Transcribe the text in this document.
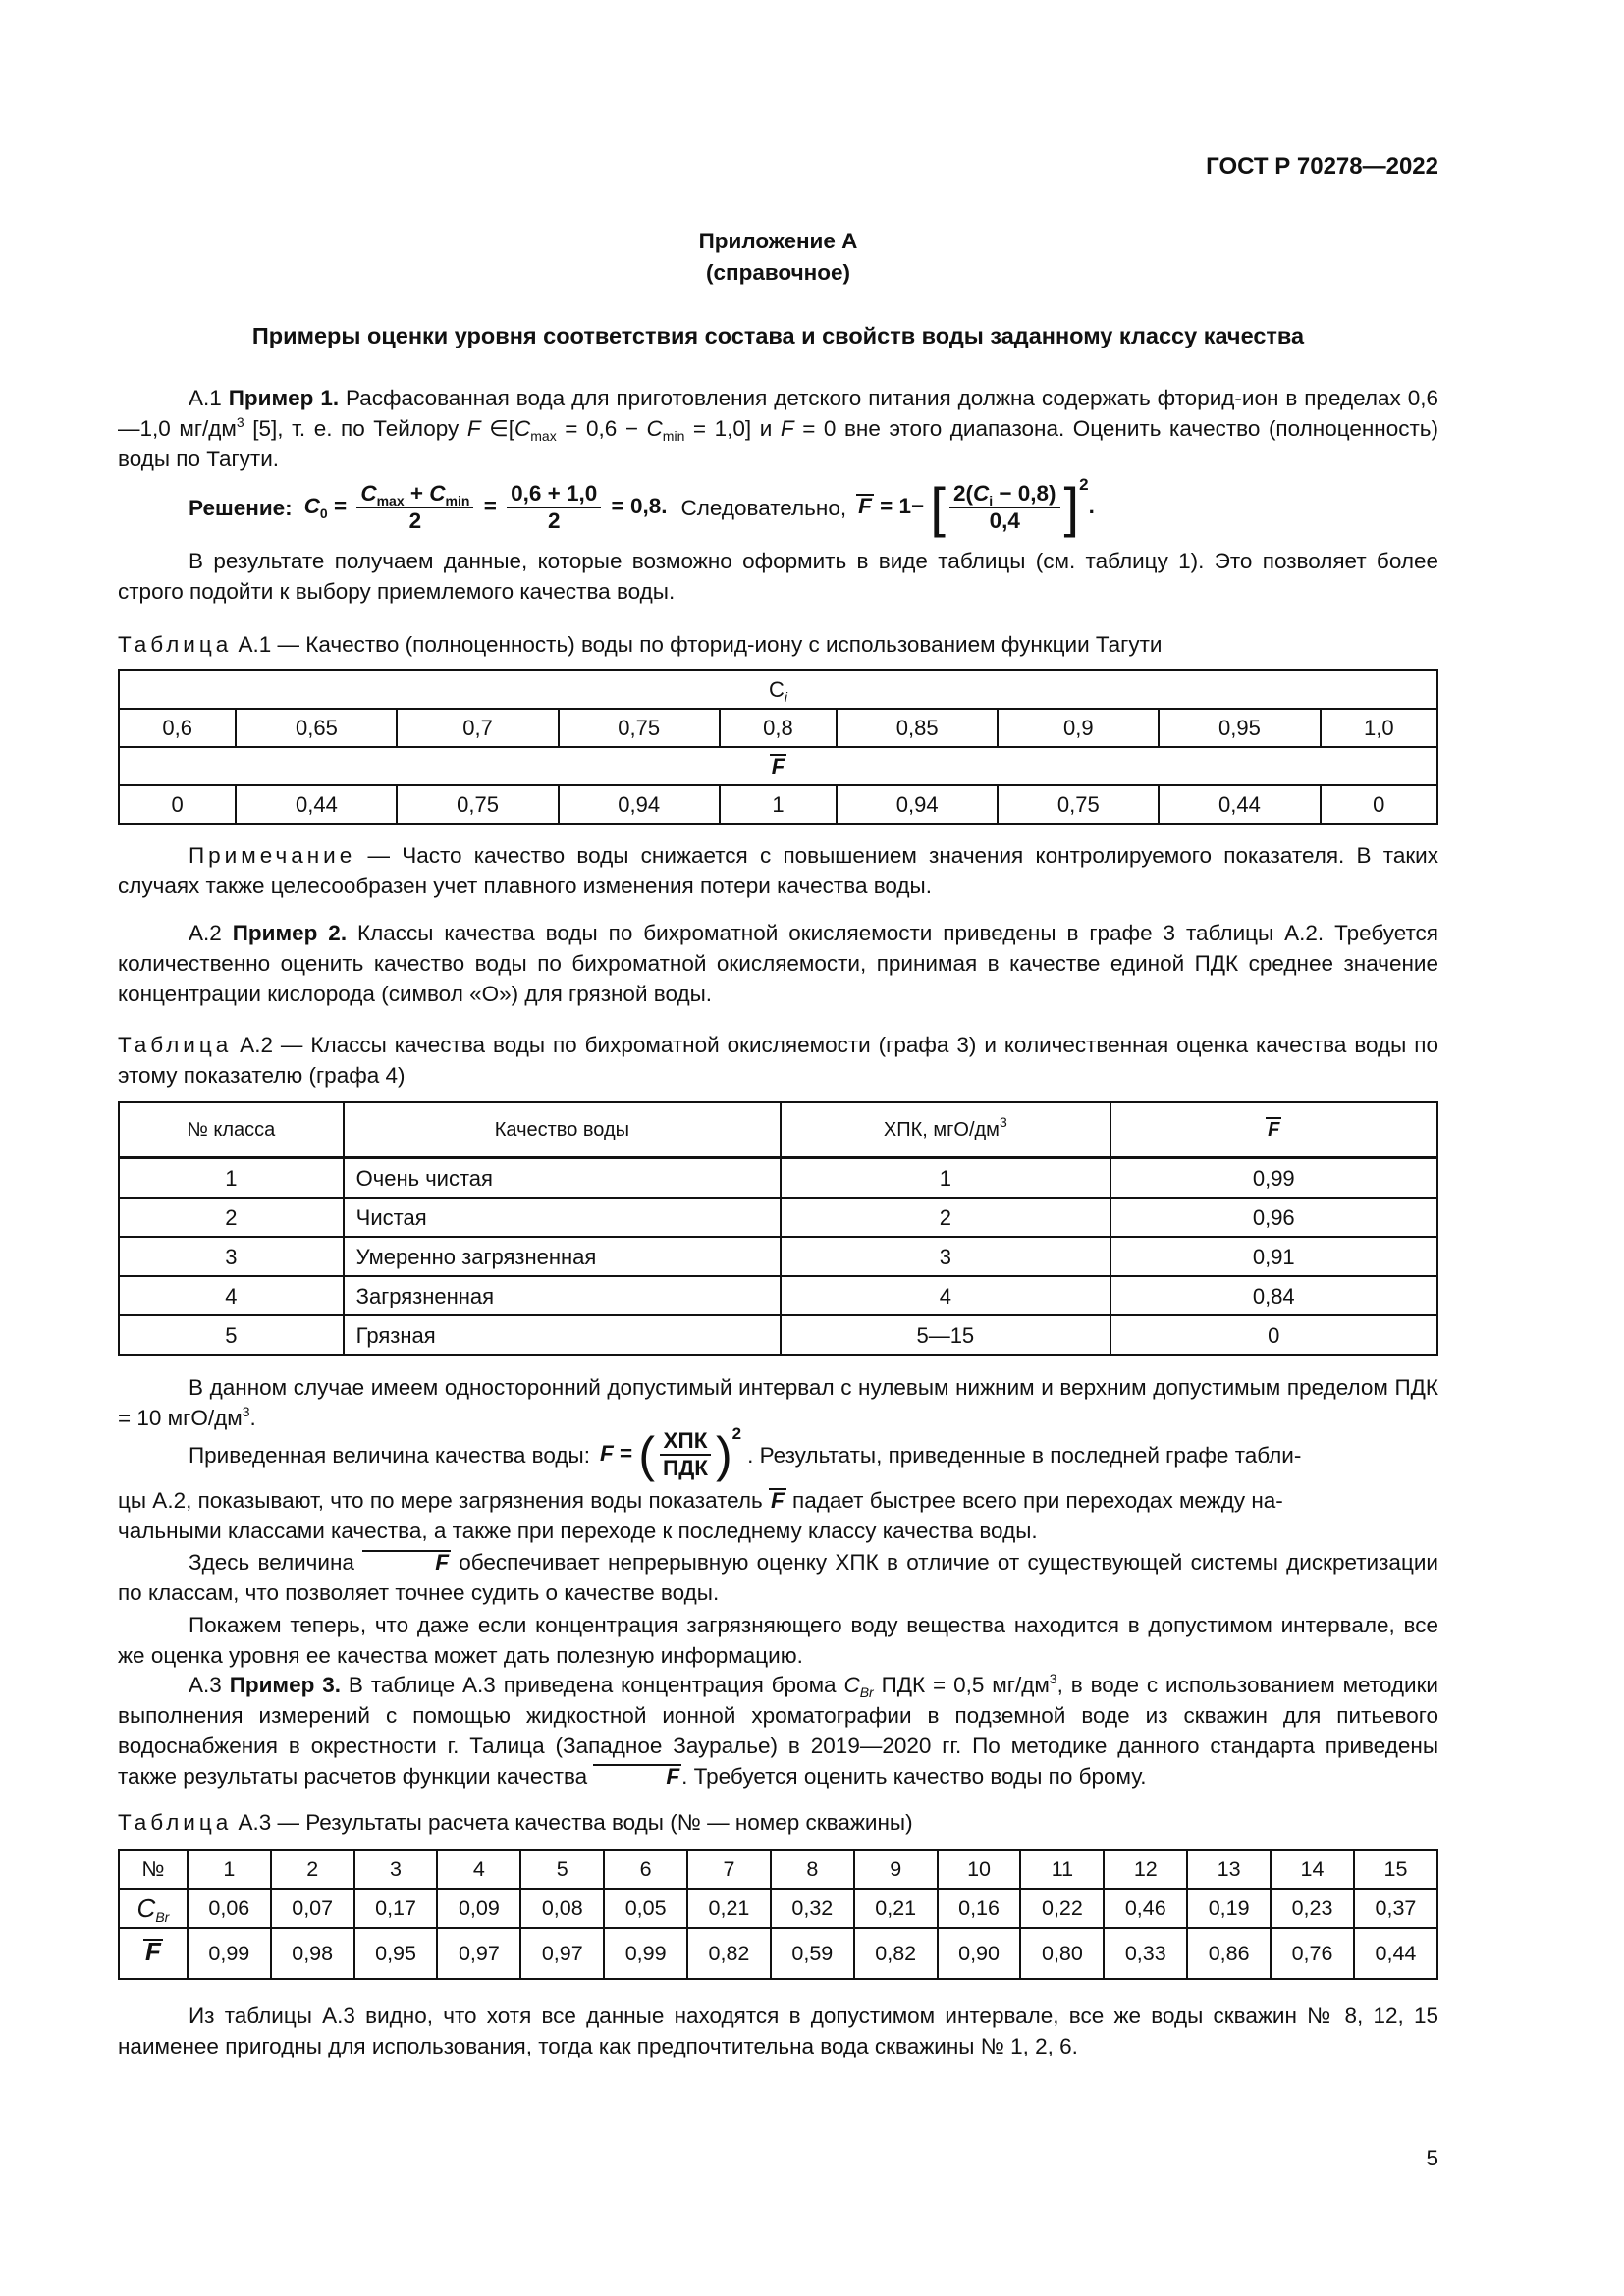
ГОСТ Р 70278—2022
Приложение А
(справочное)
Примеры оценки уровня соответствия состава и свойств воды заданному классу качества
А.1 Пример 1. Расфасованная вода для приготовления детского питания должна содержать фторид-ион в пределах 0,6—1,0 $мг/дм^3$ [5], т. е. по Тейлору F $\in[C_{max} = 0,6 - C_{min} = 1,0]$ и F = 0 вне этого диапазона. Оценить качество (полноценность) воды по Тагути.
Решение: $C_0 = \frac{C_{max} + C_{min}}{2} = \frac{0,6 + 1,0}{2} = 0,8$. Следовательно, F = 1− [ $\frac{2(C_i - 0,8)}{0,4} ]^2$.
В результате получаем данные, которые возможно оформить в виде таблицы (см. таблицу 1). Это позволяет более строго подойти к выбору приемлемого качества воды.
Таблица А.1 — Качество (полноценность) воды по фторид-иону с использованием функции Тагути
$C_i$
0,6	0,65	0,7	0,75	0,8	0,85	0,9	0,95	1,0
F								
0	0,44	0,75	0,94	1	0,94	0,75	0,44	0
Примечание — Часто качество воды снижается с повышением значения контролируемого показателя. В таких случаях также целесообразен учет плавного изменения потери качества воды.
А.2 Пример 2. Классы качества воды по бихроматной окисляемости приведены в графе 3 таблицы А.2. Требуется количественно оценить качество воды по бихроматной окисляемости, принимая в качестве единой ПДК среднее значение концентрации кислорода (символ «О») для грязной воды.
Таблица А.2 — Классы качества воды по бихроматной окисляемости (графа 3) и количественная оценка качества воды по этому показателю (графа 4)
№ класса	Качество воды	ХПК, мгО/$дм^3$	F
1	Очень чистая	1	0,99
2	Чистая	2	0,96
3	Умеренно загрязненная	3	0,91
4	Загрязненная	4	0,84
5	Грязная	5—15	0
В данном случае имеем односторонний допустимый интервал с нулевым нижним и верхним допустимым пределом ПДК = 10 мгО/$дм^3$.
Приведенная величина качества воды: F = ( $\frac{\text{ХПК}}{\text{ПДК}} )^2$
. Результаты, приведенные в последней графе табли-
цы А.2, показывают, что по мере загрязнения воды показатель F падает быстрее всего при переходах между на-
чальными классами качества, а также при переходе к последнему классу качества воды.
Здесь величина	F обеспечивает непрерывную оценку ХПК в отличие от существующей системы дискретизации по классам, что позволяет точнее судить о качестве воды.
Покажем теперь, что даже если концентрация загрязняющего воду вещества находится в допустимом интервале, все же оценка уровня ее качества может дать полезную информацию.
А.3 Пример 3. В таблице А.3 приведена концентрация брома $C_{Br}$ ПДК = 0,5 $мг/дм^3$, в воде с использованием методики выполнения измерений с помощью жидкостной ионной хроматографии в подземной воде из скважин для питьевого водоснабжения в окрестности г. Талица (Западное Зауралье) в 2019—2020 гг. По методике данного стандарта приведены также результаты расчетов функции качества	F. Требуется оценить качество воды по брому.
Таблица А.3 — Результаты расчета качества воды (№ — номер скважины)
№	1	2	3	4	5	6	7	8	9	10	11	12	13	14	15
$C_{Br}$	0,06	0,07	0,17	0,09	0,08	0,05	0,21	0,32	0,21	0,16	0,22	0,46	0,19	0,23	0,37
F	0,99	0,98	0,95	0,97	0,97	0,99	0,82	0,59	0,82	0,90	0,80	0,33	0,86	0,76	0,44
Из таблицы А.3 видно, что хотя все данные находятся в допустимом интервале, все же воды скважин № 8, 12, 15 наименее пригодны для использования, тогда как предпочтительна вода скважины № 1, 2, 6.
5
